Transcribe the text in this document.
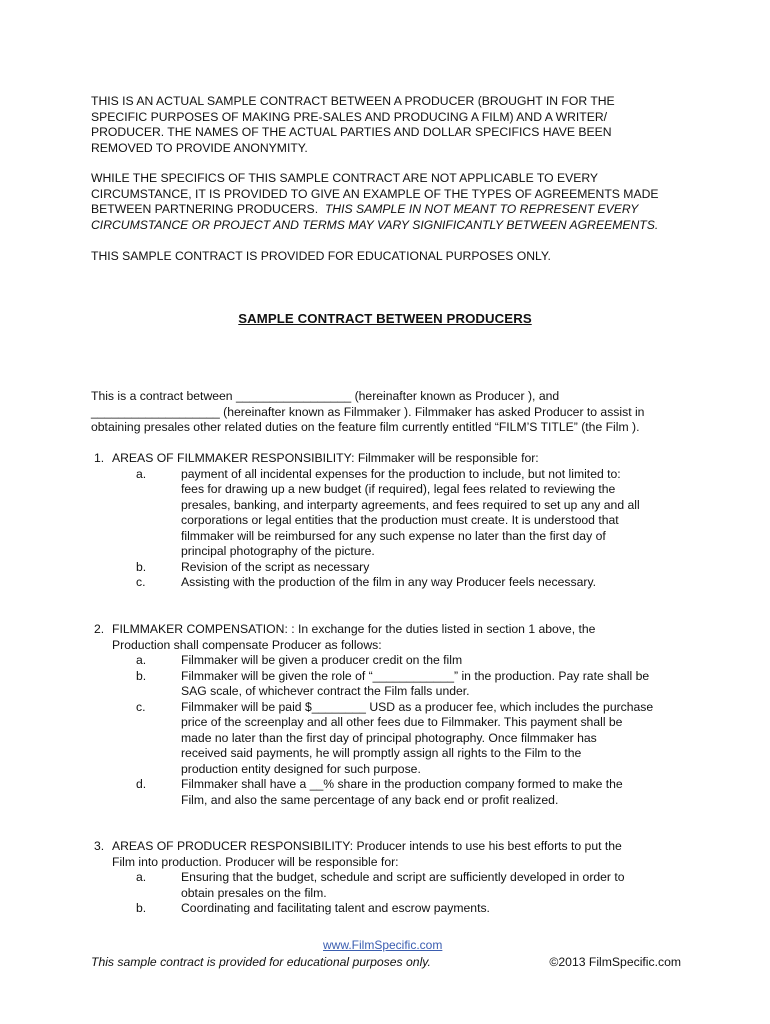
THIS IS AN ACTUAL SAMPLE CONTRACT BETWEEN A PRODUCER (BROUGHT IN FOR THE
SPECIFIC PURPOSES OF MAKING PRE-SALES AND PRODUCING A FILM) AND A WRITER/
PRODUCER. THE NAMES OF THE ACTUAL PARTIES AND DOLLAR SPECIFICS HAVE BEEN
REMOVED TO PROVIDE ANONYMITY.
WHILE THE SPECIFICS OF THIS SAMPLE CONTRACT ARE NOT APPLICABLE TO EVERY
CIRCUMSTANCE, IT IS PROVIDED TO GIVE AN EXAMPLE OF THE TYPES OF AGREEMENTS MADE
BETWEEN PARTNERING PRODUCERS.  THIS SAMPLE IN NOT MEANT TO REPRESENT EVERY
CIRCUMSTANCE OR PROJECT AND TERMS MAY VARY SIGNIFICANTLY BETWEEN AGREEMENTS.
THIS SAMPLE CONTRACT IS PROVIDED FOR EDUCATIONAL PURPOSES ONLY.
SAMPLE CONTRACT BETWEEN PRODUCERS
This is a contract between _________________ (hereinafter known as Producer ), and
___________________ (hereinafter known as Filmmaker ). Filmmaker has asked Producer to assist in
obtaining presales other related duties on the feature film currently entitled “FILM’S TITLE” (the Film ).
1. AREAS OF FILMMAKER RESPONSIBILITY: Filmmaker will be responsible for:
a.	payment of all incidental expenses for the production to include, but not limited to:
fees for drawing up a new budget (if required), legal fees related to reviewing the
presales, banking, and interparty agreements, and fees required to set up any and all
corporations or legal entities that the production must create. It is understood that
filmmaker will be reimbursed for any such expense no later than the first day of
principal photography of the picture.
b.	Revision of the script as necessary
c.	Assisting with the production of the film in any way Producer feels necessary.
2. FILMMAKER COMPENSATION: : In exchange for the duties listed in section 1 above, the
Production shall compensate Producer as follows:
a.	Filmmaker will be given a producer credit on the film
b.	Filmmaker will be given the role of “____________” in the production. Pay rate shall be
SAG scale, of whichever contract the Film falls under.
c.	Filmmaker will be paid $________ USD as a producer fee, which includes the purchase
price of the screenplay and all other fees due to Filmmaker. This payment shall be
made no later than the first day of principal photography. Once filmmaker has
received said payments, he will promptly assign all rights to the Film to the
production entity designed for such purpose.
d.	Filmmaker shall have a __% share in the production company formed to make the
Film, and also the same percentage of any back end or profit realized.
3. AREAS OF PRODUCER RESPONSIBILITY: Producer intends to use his best efforts to put the
Film into production. Producer will be responsible for:
a.	Ensuring that the budget, schedule and script are sufficiently developed in order to
obtain presales on the film.
b.	Coordinating and facilitating talent and escrow payments.
www.FilmSpecific.com
This sample contract is provided for educational purposes only.	©2013 FilmSpecific.com
